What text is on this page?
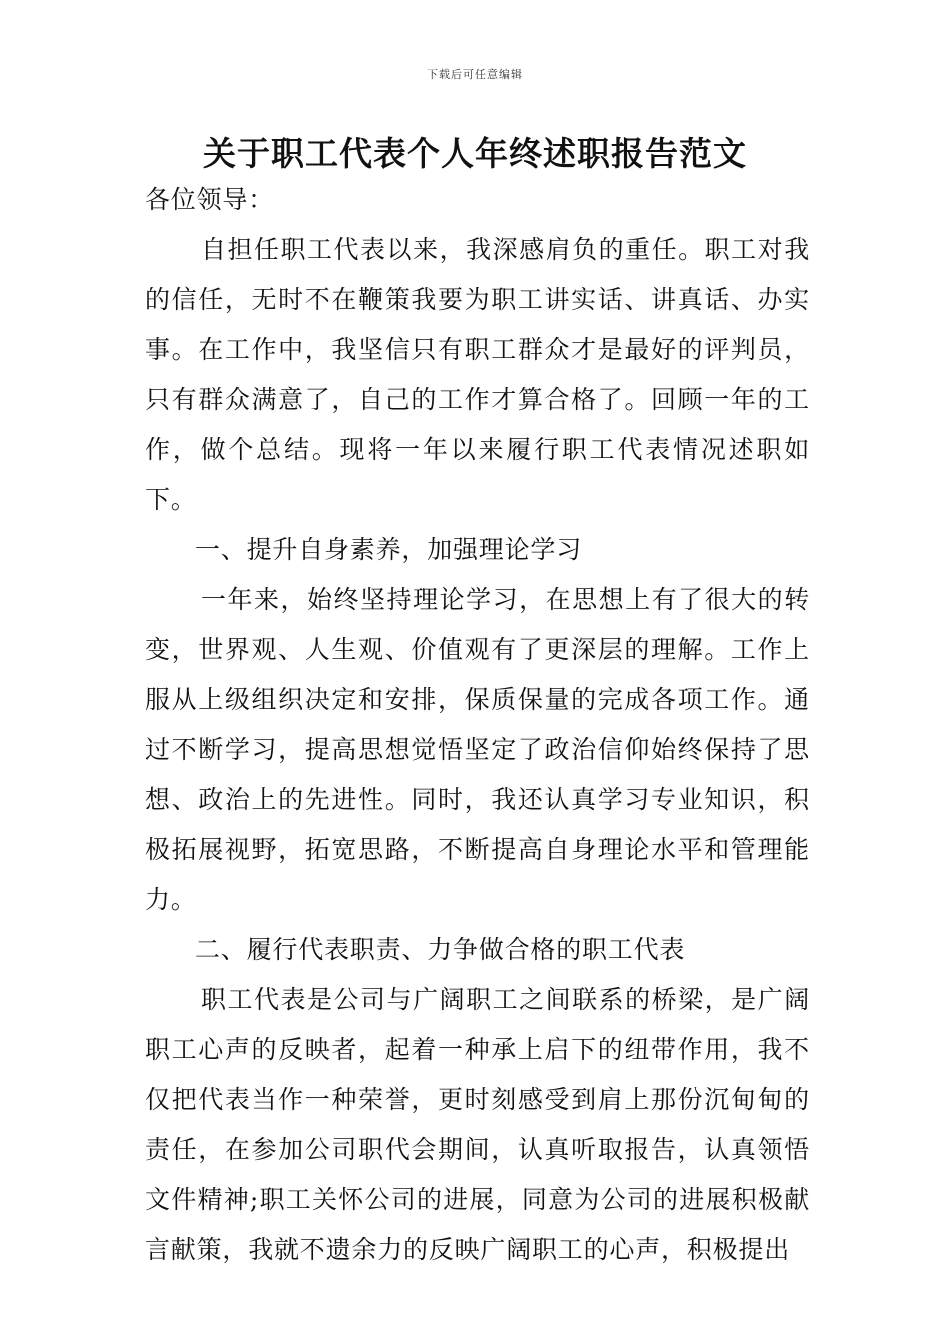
下载后可任意编辑
关于职工代表个人年终述职报告范文

各位领导：

自担任职工代表以来，我深感肩负的重任。职工对我的信任，无时不在鞭策我要为职工讲实话、讲真话、办实事。在工作中，我坚信只有职工群众才是最好的评判员，只有群众满意了，自己的工作才算合格了。回顾一年的工作，做个总结。现将一年以来履行职工代表情况述职如下。

一、提升自身素养，加强理论学习

一年来，始终坚持理论学习，在思想上有了很大的转变，世界观、人生观、价值观有了更深层的理解。工作上服从上级组织决定和安排，保质保量的完成各项工作。通过不断学习，提高思想觉悟坚定了政治信仰始终保持了思想、政治上的先进性。同时，我还认真学习专业知识，积极拓展视野，拓宽思路，不断提高自身理论水平和管理能力。

二、履行代表职责、力争做合格的职工代表

职工代表是公司与广阔职工之间联系的桥梁，是广阔职工心声的反映者，起着一种承上启下的纽带作用，我不仅把代表当作一种荣誉，更时刻感受到肩上那份沉甸甸的责任，在参加公司职代会期间，认真听取报告，认真领悟文件精神;职工关怀公司的进展，同意为公司的进展积极献言献策，我就不遗余力的反映广阔职工的心声，积极提出
